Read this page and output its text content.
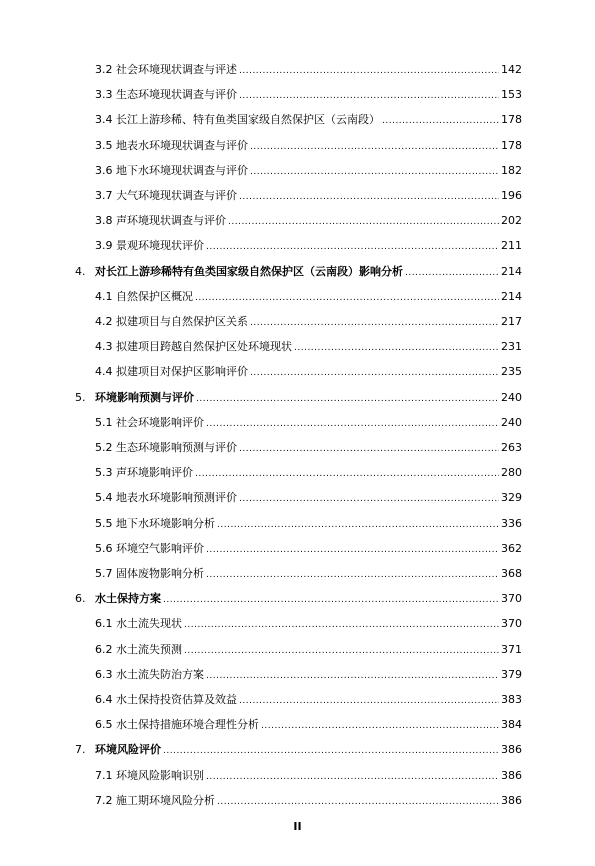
3.2 社会环境现状调查与评述 .....	142
3.3 生态环境现状调查与评价 .....	153
3.4 长江上游珍稀、特有鱼类国家级自然保护区（云南段） .....	178
3.5 地表水环境现状调查与评价 .....	178
3.6 地下水环境现状调查与评价 .....	182
3.7 大气环境现状调查与评价 .....	196
3.8 声环境现状调查与评价 .....	202
3.9 景观环境现状评价 .....	211
4. 对长江上游珍稀特有鱼类国家级自然保护区（云南段）影响分析 .....	214
4.1 自然保护区概况 .....	214
4.2 拟建项目与自然保护区关系 .....	217
4.3 拟建项目跨越自然保护区处环境现状 .....	231
4.4 拟建项目对保护区影响评价 .....	235
5. 环境影响预测与评价 .....	240
5.1 社会环境影响评价 .....	240
5.2 生态环境影响预测与评价 .....	263
5.3 声环境影响评价 .....	280
5.4 地表水环境影响预测评价 .....	329
5.5 地下水环境影响分析 .....	336
5.6 环境空气影响评价 .....	362
5.7 固体废物影响分析 .....	368
6. 水土保持方案 .....	370
6.1 水土流失现状 .....	370
6.2 水土流失预测 .....	371
6.3 水土流失防治方案 .....	379
6.4 水土保持投资估算及效益 .....	383
6.5 水土保持措施环境合理性分析 .....	384
7. 环境风险评价 .....	386
7.1 环境风险影响识别 .....	386
7.2 施工期环境风险分析 .....	386
II
